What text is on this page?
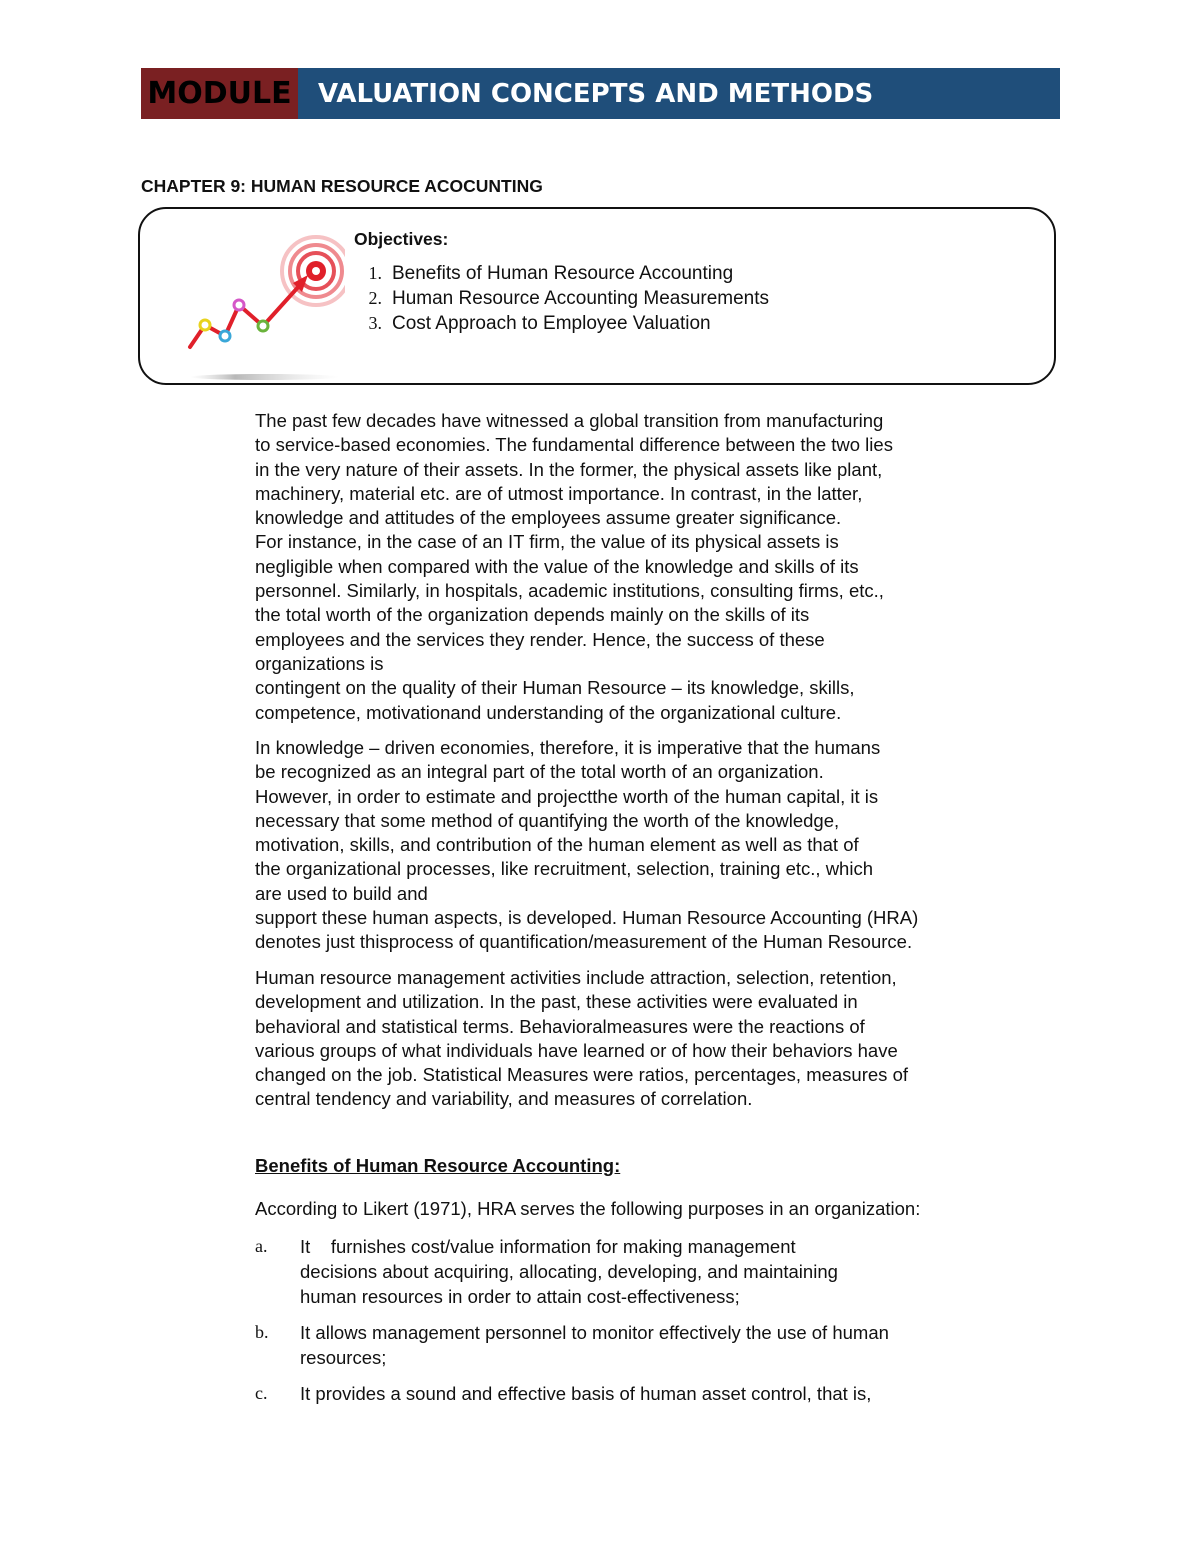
MODULE	VALUATION CONCEPTS AND METHODS
CHAPTER 9: HUMAN RESOURCE ACOCUNTING
Objectives:
1. Benefits of Human Resource Accounting
2. Human Resource Accounting Measurements
3. Cost Approach to Employee Valuation

The past few decades have witnessed a global transition from manufacturing

to service-based economies. The fundamental difference between the two lies

in the very nature of their assets. In the former, the physical assets like plant,

machinery, material etc. are of utmost importance. In contrast, in the latter,

knowledge and attitudes of the employees assume greater significance.

For instance, in the case of an IT firm, the value of its physical assets is

negligible when compared with the value of the knowledge and skills of its

personnel. Similarly, in hospitals, academic institutions, consulting firms, etc.,

the total worth of the organization depends mainly on the skills of its

employees and the services they render. Hence, the success of these

organizations is

contingent on the quality of their Human Resource – its knowledge, skills,

competence, motivationand understanding of the organizational culture.

In knowledge – driven economies, therefore, it is imperative that the humans

be recognized as an integral part of the total worth of an organization.

However, in order to estimate and projectthe worth of the human capital, it is

necessary that some method of quantifying the worth of the knowledge,

motivation, skills, and contribution of the human element as well as that of

the organizational processes, like recruitment, selection, training etc., which

are used to build and

support these human aspects, is developed. Human Resource Accounting (HRA)

denotes just thisprocess of quantification/measurement of the Human Resource.

Human resource management activities include attraction, selection, retention,

development and utilization. In the past, these activities were evaluated in

behavioral and statistical terms. Behavioralmeasures were the reactions of

various groups of what individuals have learned or of how their behaviors have

changed on the job. Statistical Measures were ratios, percentages, measures of

central tendency and variability, and measures of correlation.

Benefits of Human Resource Accounting:
According to Likert (1971), HRA serves the following purposes in an organization:
a. It    furnishes cost/value information for making management
decisions about acquiring, allocating, developing, and maintaining
human resources in order to attain cost-effectiveness;
b. It allows management personnel to monitor effectively the use of human
resources;
c. It provides a sound and effective basis of human asset control, that is,
